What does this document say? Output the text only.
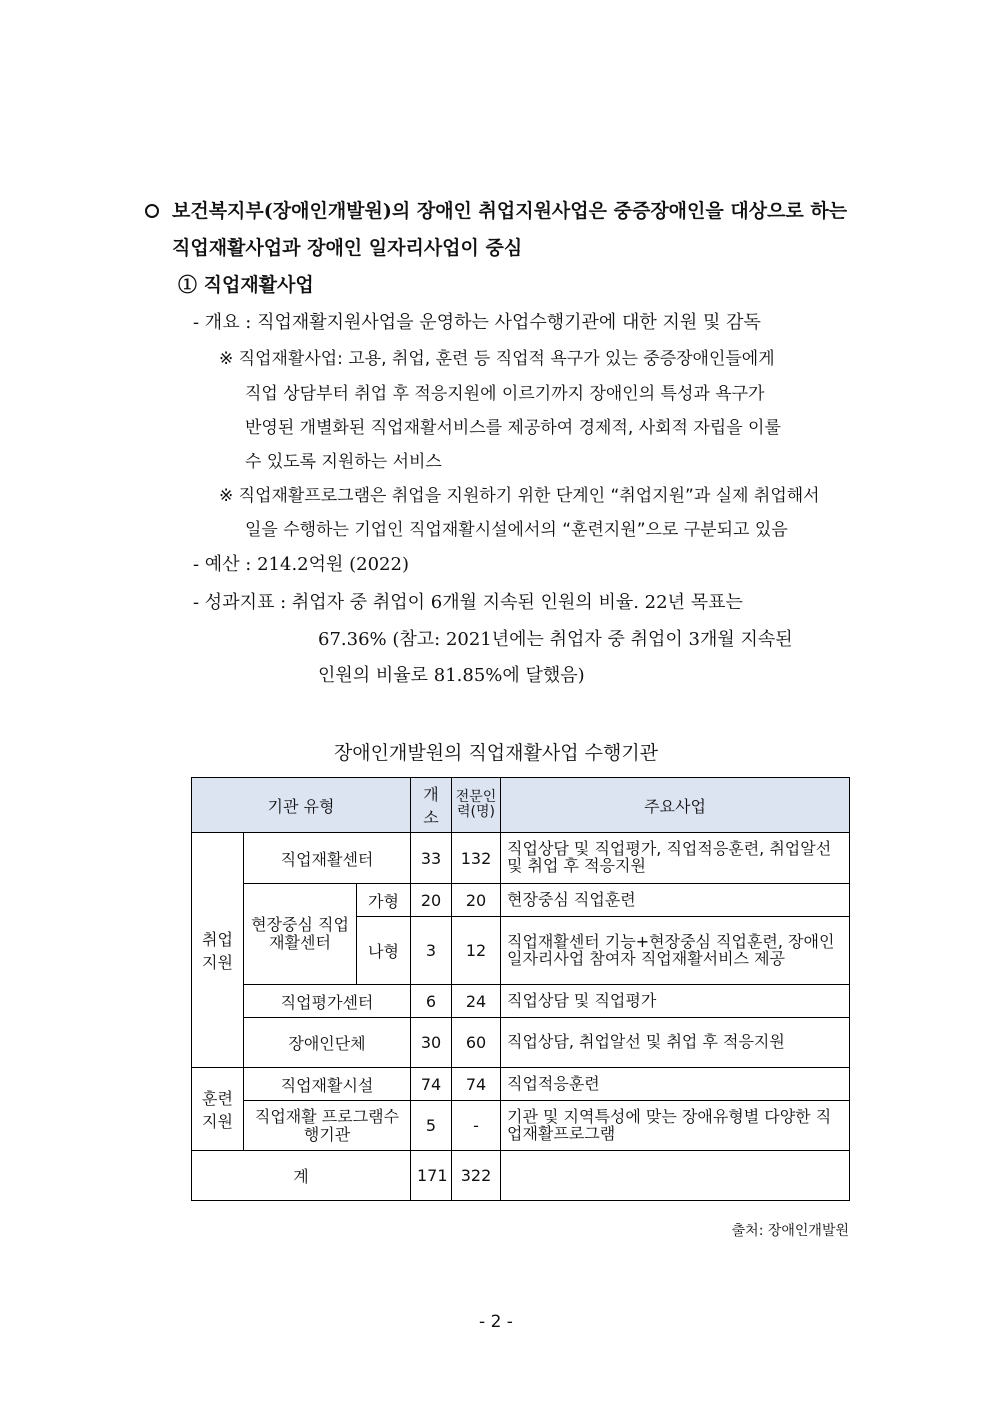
보건복지부(장애인개발원)의 장애인 취업지원사업은 중증장애인을 대상으로 하는
직업재활사업과 장애인 일자리사업이 중심
① 직업재활사업
- 개요 : 직업재활지원사업을 운영하는 사업수행기관에 대한 지원 및 감독
※ 직업재활사업: 고용, 취업, 훈련 등 직업적 욕구가 있는 중증장애인들에게
직업 상담부터 취업 후 적응지원에 이르기까지 장애인의 특성과 욕구가
반영된 개별화된 직업재활서비스를 제공하여 경제적, 사회적 자립을 이룰
수 있도록 지원하는 서비스
※ 직업재활프로그램은 취업을 지원하기 위한 단계인 “취업지원”과 실제 취업해서
일을 수행하는 기업인 직업재활시설에서의 “훈련지원”으로 구분되고 있음
- 예산 : 214.2억원 (2022)
- 성과지표 : 취업자 중 취업이 6개월 지속된 인원의 비율. 22년 목표는
67.36% (참고: 2021년에는 취업자 중 취업이 3개월 지속된
인원의 비율로 81.85%에 달했음)
장애인개발원의 직업재활사업 수행기관
기관 유형			개소	전문인력(명)	주요사업
취업지원	직업재활센터		33	132	직업상담 및 직업평가, 직업적응훈련, 취업알선 및 취업 후 적응지원
	현장중심 직업재활센터	가형	20	20	현장중심 직업훈련
		나형	3	12	직업재활센터 기능+현장중심 직업훈련, 장애인일자리사업 참여자 직업재활서비스 제공
	직업평가센터		6	24	직업상담 및 직업평가
	장애인단체		30	60	직업상담, 취업알선 및 취업 후 적응지원
훈련지원	직업재활시설		74	74	직업적응훈련
	직업재활 프로그램수행기관		5	-	기관 및 지역특성에 맞는 장애유형별 다양한 직업재활프로그램
계			171	322	
출처: 장애인개발원
- 2 -
